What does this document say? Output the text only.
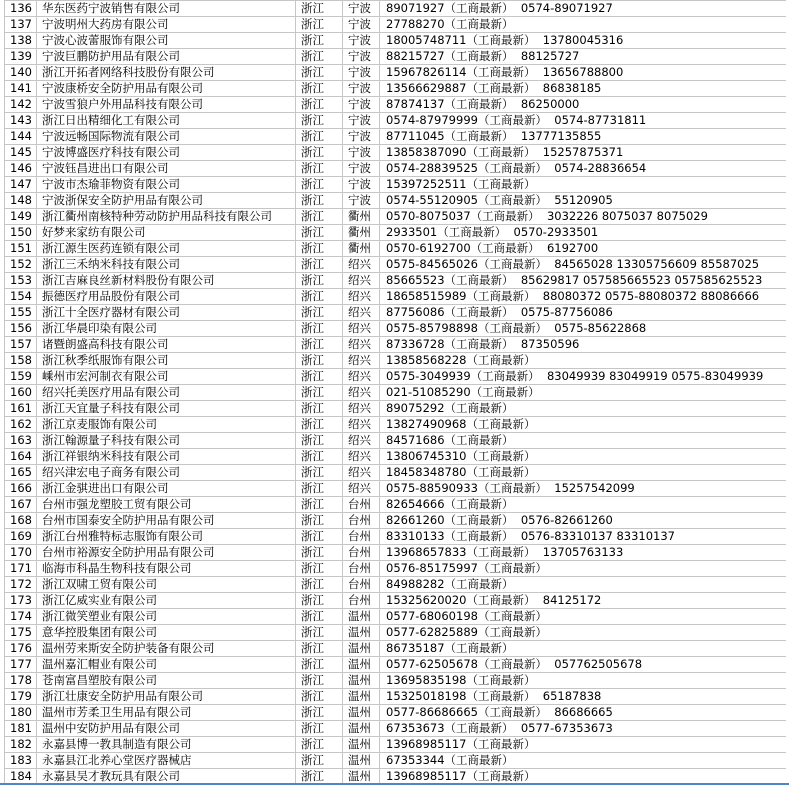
136 华东医药宁波销售有限公司	浙江	宁波	89071927（工商最新）  0574-89071927
137 宁波明州大药房有限公司	浙江	宁波	27788270（工商最新）
138 宁波心波蕾服饰有限公司	浙江	宁波	18005748711（工商最新）  13780045316
139 宁波巨鹏防护用品有限公司	浙江	宁波	88215727（工商最新）  88125727
140 浙江开拓者网络科技股份有限公司	浙江	宁波	15967826114（工商最新）  13656788800
141 宁波康桥安全防护用品有限公司	浙江	宁波	13566629887（工商最新）  86838185
142 宁波雪狼户外用品科技有限公司	浙江	宁波	87874137（工商最新）  86250000
143 浙江日出精细化工有限公司	浙江	宁波	0574-87979999（工商最新）  0574-87731811
144 宁波远畅国际物流有限公司	浙江	宁波	87711045（工商最新）  13777135855
145 宁波博盛医疗科技有限公司	浙江	宁波	13858387090（工商最新）  15257875371
146 宁波钰昌进出口有限公司	浙江	宁波	0574-28839525（工商最新）  0574-28836654
147 宁波市杰瑜菲物资有限公司	浙江	宁波	15397252511（工商最新）
148 宁波浙保安全防护用品有限公司	浙江	宁波	0574-55120905（工商最新）  55120905
149 浙江衢州南核特种劳动防护用品科技有限公司	浙江	衢州	0570-8075037（工商最新）  3032226 8075037 8075029
150 好梦来家纺有限公司	浙江	衢州	2933501（工商最新）  0570-2933501
151 浙江源生医药连锁有限公司	浙江	衢州	0570-6192700（工商最新）  6192700
152 浙江三禾纳米科技有限公司	浙江	绍兴	0575-84565026（工商最新）  84565028 13305756609 85587025
153 浙江吉麻良丝新材料股份有限公司	浙江	绍兴	85665523（工商最新）  85629817 057585665523 057585625523
154 振德医疗用品股份有限公司	浙江	绍兴	18658515989（工商最新）  88080372 0575-88080372 88086666
155 浙江十全医疗器材有限公司	浙江	绍兴	87756086（工商最新）  0575-87756086
156 浙江华晨印染有限公司	浙江	绍兴	0575-85798898（工商最新）  0575-85622868
157 诸暨朗盛高科技有限公司	浙江	绍兴	87336728（工商最新）  87350596
158 浙江秋季纸服饰有限公司	浙江	绍兴	13858568228（工商最新）
159 嵊州市宏河制衣有限公司	浙江	绍兴	0575-3049939（工商最新）  83049939 83049919 0575-83049939
160 绍兴托美医疗用品有限公司	浙江	绍兴	021-51085290（工商最新）
161 浙江天宜量子科技有限公司	浙江	绍兴	89075292（工商最新）
162 浙江京麦服饰有限公司	浙江	绍兴	13827490968（工商最新）
163 浙江翰源量子科技有限公司	浙江	绍兴	84571686（工商最新）
164 浙江祥银纳米科技有限公司	浙江	绍兴	13806745310（工商最新）
165 绍兴津宏电子商务有限公司	浙江	绍兴	18458348780（工商最新）
166 浙江金骐进出口有限公司	浙江	绍兴	0575-88590933（工商最新）  15257542099
167 台州市强龙塑胶工贸有限公司	浙江	台州	82654666（工商最新）
168 台州市国泰安全防护用品有限公司	浙江	台州	82661260（工商最新）  0576-82661260
169 浙江台州雅特标志服饰有限公司	浙江	台州	83310133（工商最新）  0576-83310137 83310137
170 台州市裕源安全防护用品有限公司	浙江	台州	13968657833（工商最新）  13705763133
171 临海市科晶生物科技有限公司	浙江	台州	0576-85175997（工商最新）
172 浙江双啸工贸有限公司	浙江	台州	84988282（工商最新）
173 浙江亿威实业有限公司	浙江	台州	15325620020（工商最新）  84125172
174 浙江微笑塑业有限公司	浙江	温州	0577-68060198（工商最新）
175 意华控股集团有限公司	浙江	温州	0577-62825889（工商最新）
176 温州劳来斯安全防护装备有限公司	浙江	温州	86735187（工商最新）
177 温州嘉汇帽业有限公司	浙江	温州	0577-62505678（工商最新）  057762505678
178 苍南富昌塑胶有限公司	浙江	温州	13695835198（工商最新）
179 浙江壮康安全防护用品有限公司	浙江	温州	15325018198（工商最新）  65187838
180 温州市芳柔卫生用品有限公司	浙江	温州	0577-86686665（工商最新）  86686665
181 温州中安防护用品有限公司	浙江	温州	67353673（工商最新）  0577-67353673
182 永嘉县博一教具制造有限公司	浙江	温州	13968985117（工商最新）
183 永嘉县江北养心堂医疗器械店	浙江	温州	67353344（工商最新）
184 永嘉县吴才教玩具有限公司	浙江	温州	13968985117（工商最新）
